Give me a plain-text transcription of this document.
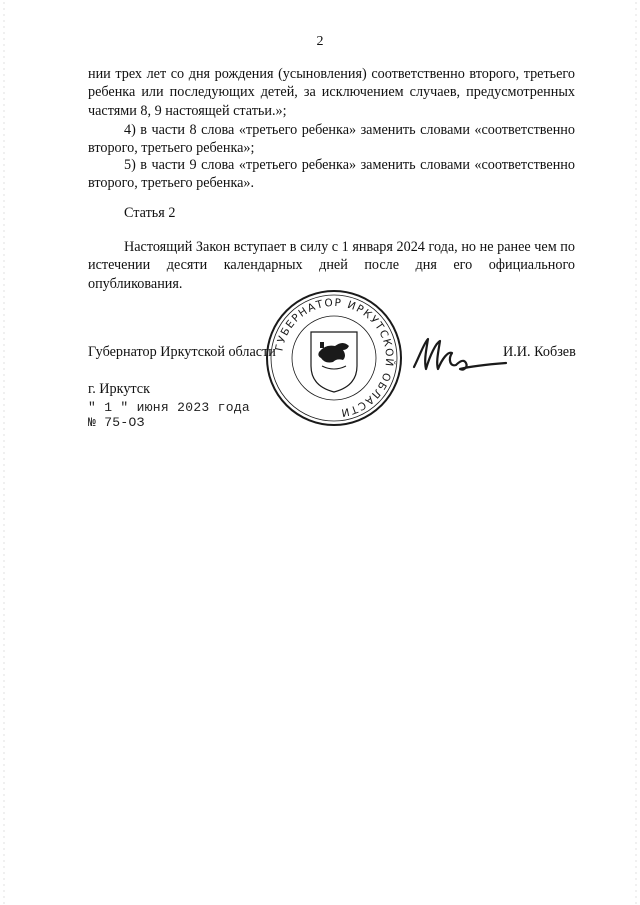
2
нии трех лет со дня рождения (усыновления) соответственно второго, третьего ребенка или последующих детей, за исключением случаев, предусмотренных частями 8, 9 настоящей статьи.»;
4) в части 8 слова «третьего ребенка» заменить словами «соответственно второго, третьего ребенка»;
5) в части 9 слова «третьего ребенка» заменить словами «соответственно второго, третьего ребенка».
Статья 2
Настоящий Закон вступает в силу с 1 января 2024 года, но не ранее чем по истечении десяти календарных дней после дня его официального опубликования.
ГУБЕРНАТОР ИРКУТСКОЙ ОБЛАСТИ
Губернатор Иркутской области	И.И. Кобзев
г. Иркутск
" 1 " июня 2023 года
№ 75-ОЗ
